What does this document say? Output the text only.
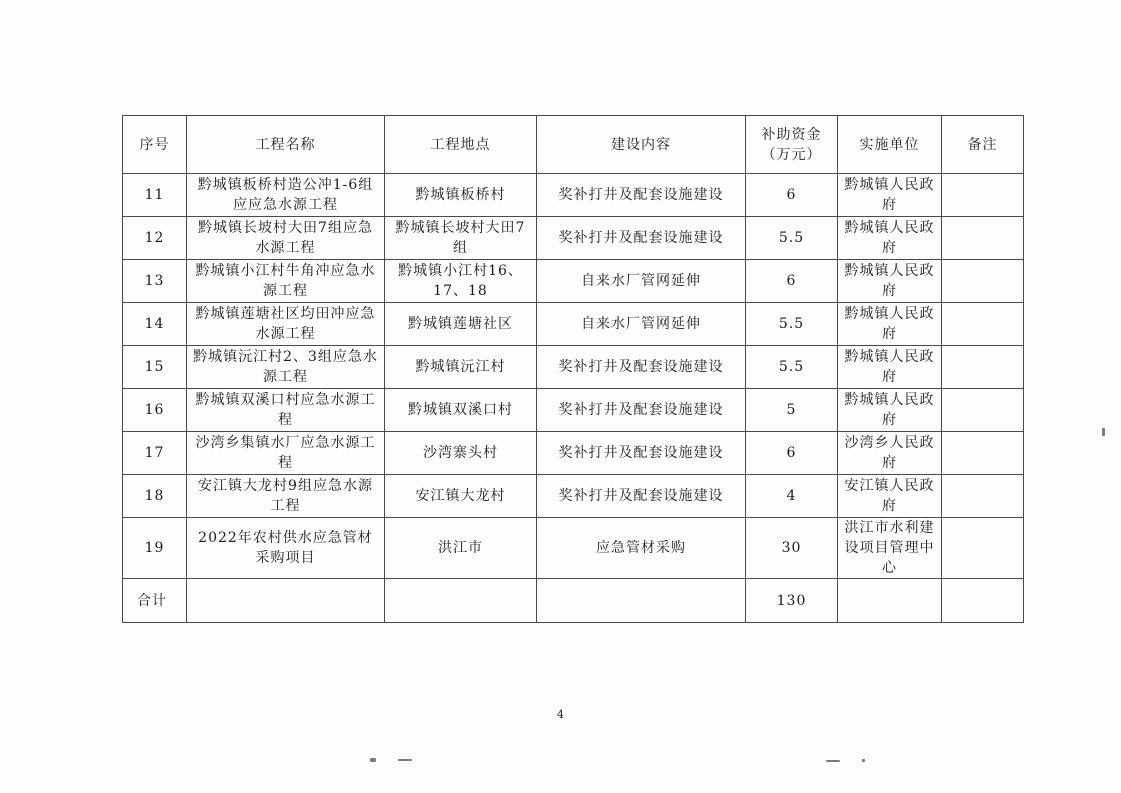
序号	工程名称	工程地点	建设内容	补助资金（万元）	实施单位	备注
11	黔城镇板桥村造公冲1-6组应应急水源工程	黔城镇板桥村	奖补打井及配套设施建设	6	黔城镇人民政府	
12	黔城镇长坡村大田7组应急水源工程	黔城镇长坡村大田7组	奖补打井及配套设施建设	5.5	黔城镇人民政府	
13	黔城镇小江村牛角冲应急水源工程	黔城镇小江村16、17、18	自来水厂管网延伸	6	黔城镇人民政府	
14	黔城镇莲塘社区均田冲应急水源工程	黔城镇莲塘社区	自来水厂管网延伸	5.5	黔城镇人民政府	
15	黔城镇沅江村2、3组应急水源工程	黔城镇沅江村	奖补打井及配套设施建设	5.5	黔城镇人民政府	
16	黔城镇双溪口村应急水源工程	黔城镇双溪口村	奖补打井及配套设施建设	5	黔城镇人民政府	
17	沙湾乡集镇水厂应急水源工程	沙湾寨头村	奖补打井及配套设施建设	6	沙湾乡人民政府	
18	安江镇大龙村9组应急水源工程	安江镇大龙村	奖补打井及配套设施建设	4	安江镇人民政府	
19	2022年农村供水应急管材采购项目	洪江市	应急管材采购	30	洪江市水利建设项目管理中心	
合计				130		
4
